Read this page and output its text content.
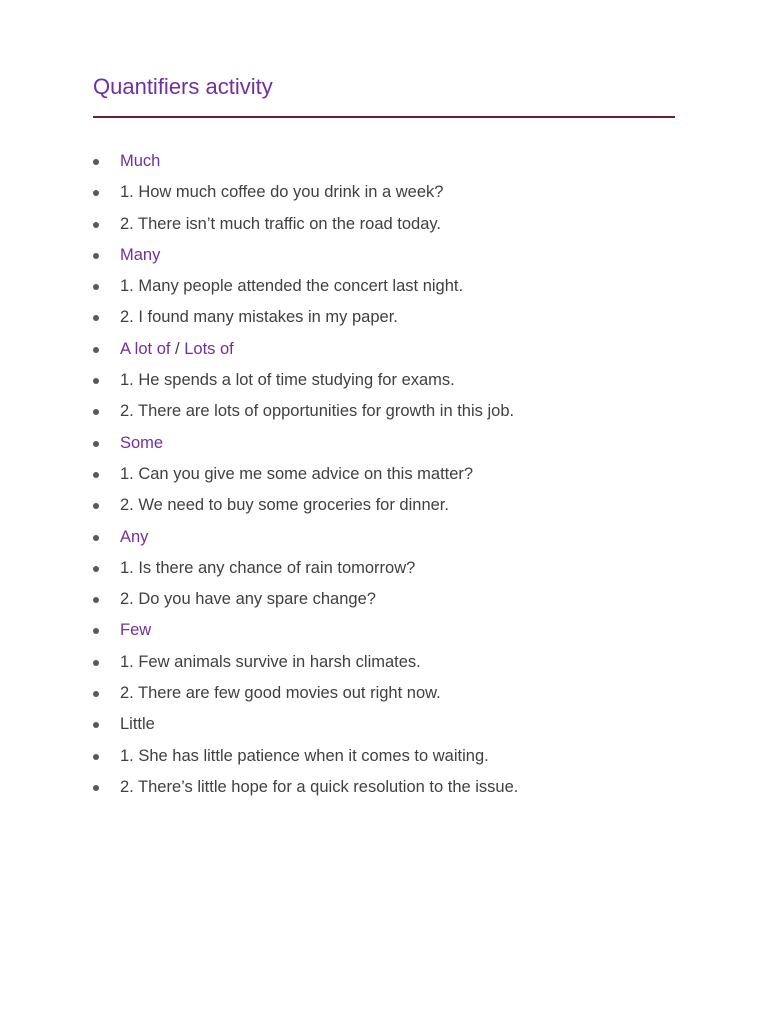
Quantifiers activity
Much
1. How much coffee do you drink in a week?
2. There isn’t much traffic on the road today.
Many
1. Many people attended the concert last night.
2. I found many mistakes in my paper.
A lot of / Lots of
1. He spends a lot of time studying for exams.
2. There are lots of opportunities for growth in this job.
Some
1. Can you give me some advice on this matter?
2. We need to buy some groceries for dinner.
Any
1. Is there any chance of rain tomorrow?
2. Do you have any spare change?
Few
1. Few animals survive in harsh climates.
2. There are few good movies out right now.
Little
1. She has little patience when it comes to waiting.
2. There’s little hope for a quick resolution to the issue.
